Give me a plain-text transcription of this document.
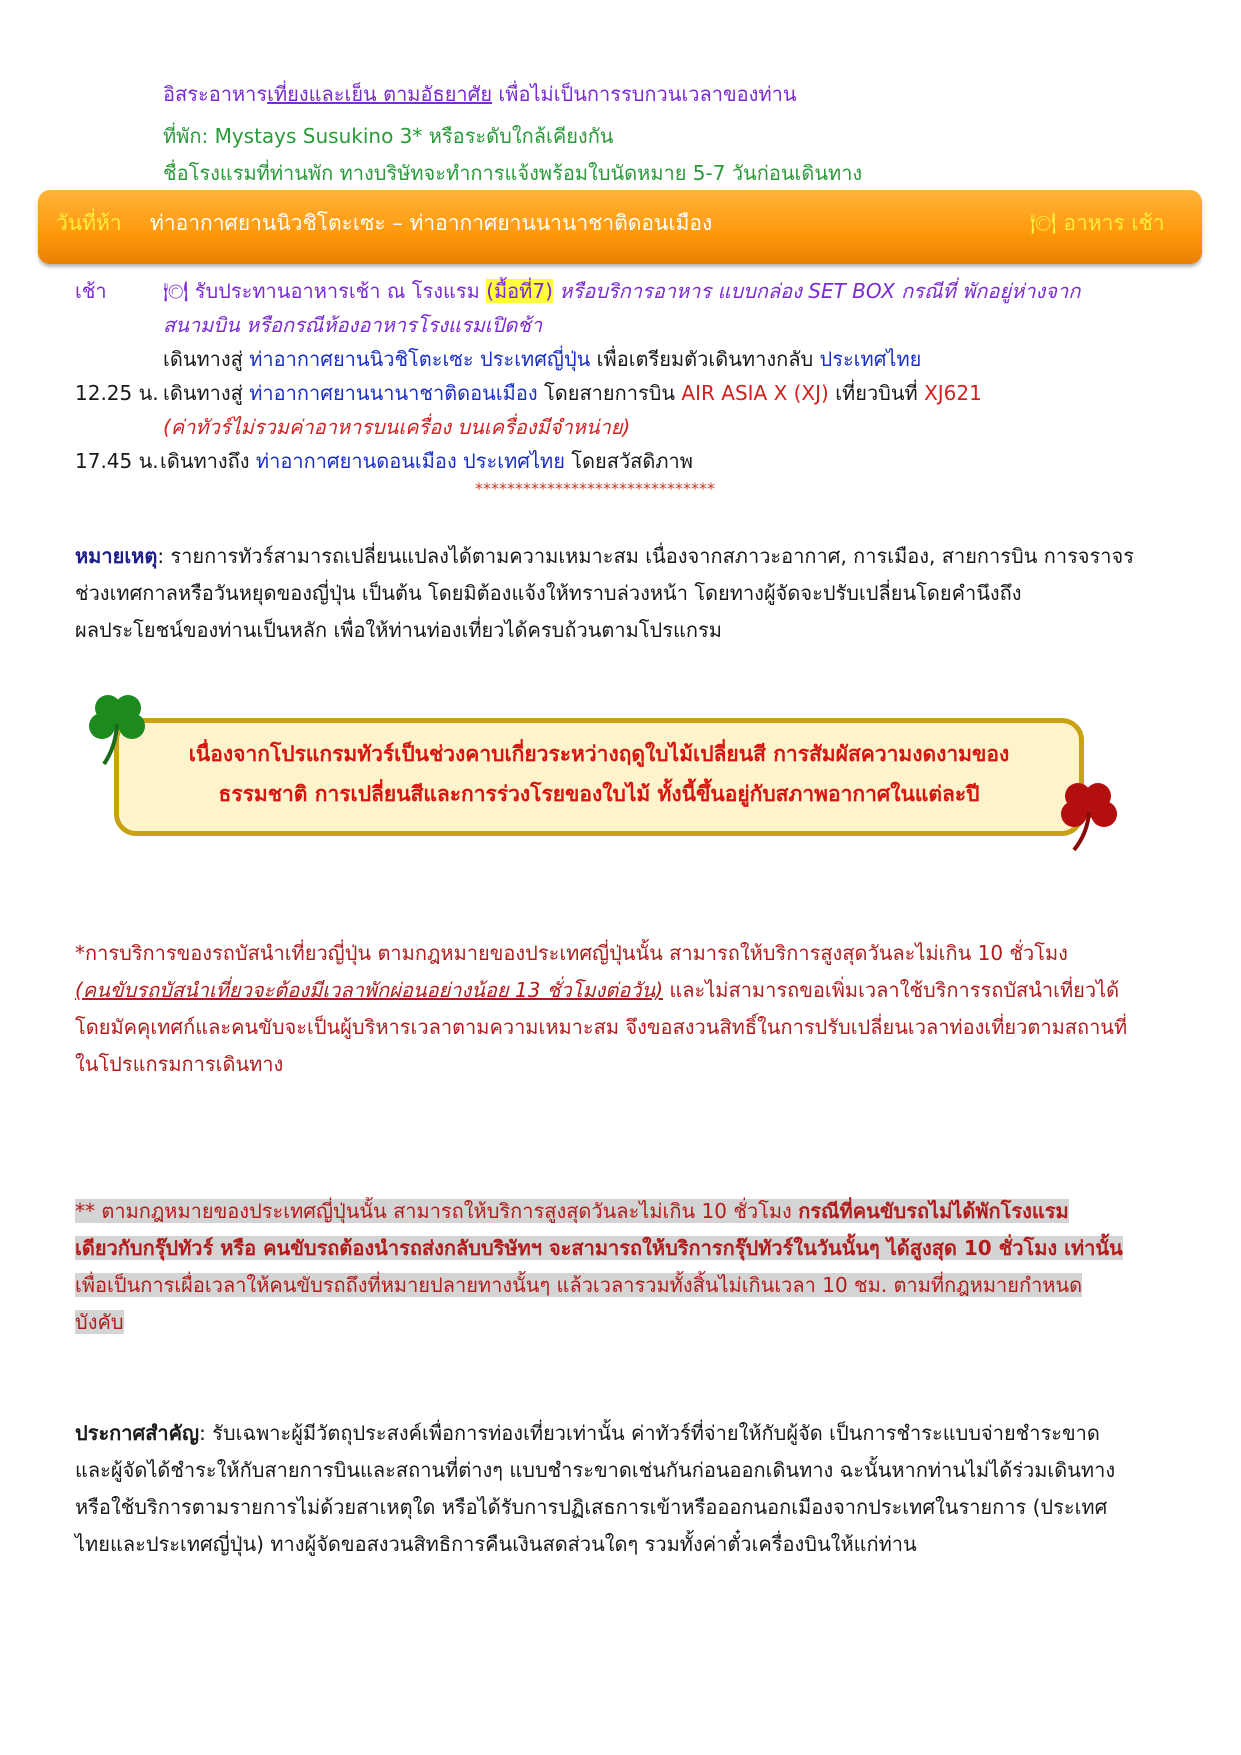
อิสระอาหารเที่ยงและเย็น ตามอัธยาศัย เพื่อไม่เป็นการรบกวนเวลาของท่าน
ที่พัก: Mystays Susukino 3* หรือระดับใกล้เคียงกัน
ชื่อโรงแรมที่ท่านพัก ทางบริษัทจะทำการแจ้งพร้อมใบนัดหมาย 5-7 วันก่อนเดินทาง
วันที่ห้า ท่าอากาศยานนิวชิโตะเซะ – ท่าอากาศยานนานาชาติดอนเมือง	🍽 อาหาร เช้า
เช้า	🍽 รับประทานอาหารเช้า ณ โรงแรม (มื้อที่7) หรือบริการอาหาร แบบกล่อง SET BOX กรณีที่ พักอยู่ห่างจาก
สนามบิน หรือกรณีห้องอาหารโรงแรมเปิดช้า
เดินทางสู่ ท่าอากาศยานนิวชิโตะเซะ ประเทศญี่ปุ่น เพื่อเตรียมตัวเดินทางกลับ ประเทศไทย
12.25 น. เดินทางสู่ ท่าอากาศยานนานาชาติดอนเมือง โดยสายการบิน AIR ASIA X (XJ) เที่ยวบินที่ XJ621
(ค่าทัวร์ไม่รวมค่าอาหารบนเครื่อง บนเครื่องมีจำหน่าย)
17.45 น. เดินทางถึง ท่าอากาศยานดอนเมือง ประเทศไทย โดยสวัสดิภาพ
******************************
หมายเหตุ: รายการทัวร์สามารถเปลี่ยนแปลงได้ตามความเหมาะสม เนื่องจากสภาวะอากาศ, การเมือง, สายการบิน การจราจร
ช่วงเทศกาลหรือวันหยุดของญี่ปุ่น เป็นต้น โดยมิต้องแจ้งให้ทราบล่วงหน้า โดยทางผู้จัดจะปรับเปลี่ยนโดยคำนึงถึง
ผลประโยชน์ของท่านเป็นหลัก เพื่อให้ท่านท่องเที่ยวได้ครบถ้วนตามโปรแกรม
เนื่องจากโปรแกรมทัวร์เป็นช่วงคาบเกี่ยวระหว่างฤดูใบไม้เปลี่ยนสี การสัมผัสความงดงามของ
ธรรมชาติ การเปลี่ยนสีและการร่วงโรยของใบไม้ ทั้งนี้ขึ้นอยู่กับสภาพอากาศในแต่ละปี
*การบริการของรถบัสนำเที่ยวญี่ปุ่น ตามกฎหมายของประเทศญี่ปุ่นนั้น สามารถให้บริการสูงสุดวันละไม่เกิน 10 ชั่วโมง
(คนขับรถบัสนำเที่ยวจะต้องมีเวลาพักผ่อนอย่างน้อย 13 ชั่วโมงต่อวัน) และไม่สามารถขอเพิ่มเวลาใช้บริการรถบัสนำเที่ยวได้
โดยมัคคุเทศก์และคนขับจะเป็นผู้บริหารเวลาตามความเหมาะสม จึงขอสงวนสิทธิ์ในการปรับเปลี่ยนเวลาท่องเที่ยวตามสถานที่
ในโปรแกรมการเดินทาง
** ตามกฎหมายของประเทศญี่ปุ่นนั้น สามารถให้บริการสูงสุดวันละไม่เกิน 10 ชั่วโมง กรณีที่คนขับรถไม่ได้พักโรงแรม
เดียวกับกรุ๊ปทัวร์ หรือ คนขับรถต้องนำรถส่งกลับบริษัทฯ จะสามารถให้บริการกรุ๊ปทัวร์ในวันนั้นๆ ได้สูงสุด 10 ชั่วโมง เท่านั้น
เพื่อเป็นการเผื่อเวลาให้คนขับรถถึงที่หมายปลายทางนั้นๆ แล้วเวลารวมทั้งสิ้นไม่เกินเวลา 10 ชม. ตามที่กฎหมายกำหนด
บังคับ
ประกาศสำคัญ: รับเฉพาะผู้มีวัตถุประสงค์เพื่อการท่องเที่ยวเท่านั้น ค่าทัวร์ที่จ่ายให้กับผู้จัด เป็นการชำระแบบจ่ายชำระขาด
และผู้จัดได้ชำระให้กับสายการบินและสถานที่ต่างๆ แบบชำระขาดเช่นกันก่อนออกเดินทาง ฉะนั้นหากท่านไม่ได้ร่วมเดินทาง
หรือใช้บริการตามรายการไม่ด้วยสาเหตุใด หรือได้รับการปฏิเสธการเข้าหรือออกนอกเมืองจากประเทศในรายการ (ประเทศ
ไทยและประเทศญี่ปุ่น) ทางผู้จัดขอสงวนสิทธิการคืนเงินสดส่วนใดๆ รวมทั้งค่าตั๋วเครื่องบินให้แก่ท่าน
